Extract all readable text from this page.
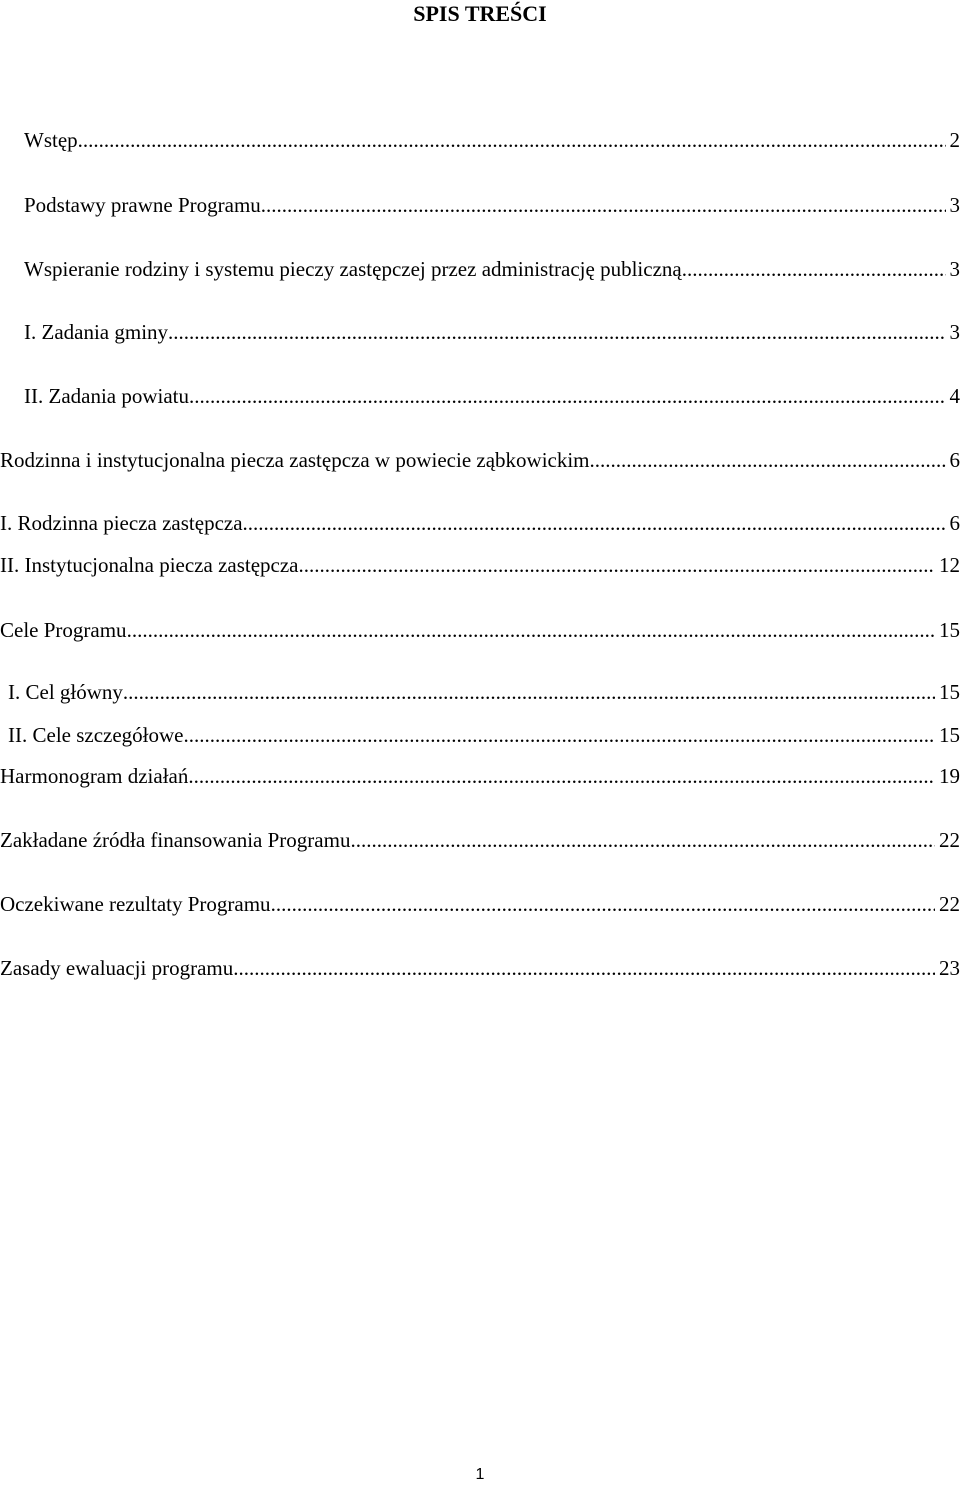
SPIS TREŚCI
Wstęp .....	2
Podstawy prawne Programu .....	3
Wspieranie rodziny i systemu pieczy zastępczej przez administrację publiczną .....	3
I. Zadania gminy .....	3
II. Zadania powiatu .....	4
Rodzinna i instytucjonalna piecza zastępcza w powiecie ząbkowickim .....	6
I. Rodzinna piecza zastępcza .....	6
II. Instytucjonalna piecza zastępcza .....	12
Cele Programu .....	15
I. Cel główny .....	15
II. Cele szczegółowe .....	15
Harmonogram działań .....	19
Zakładane źródła finansowania Programu .....	22
Oczekiwane rezultaty Programu .....	22
Zasady ewaluacji programu .....	23
1
